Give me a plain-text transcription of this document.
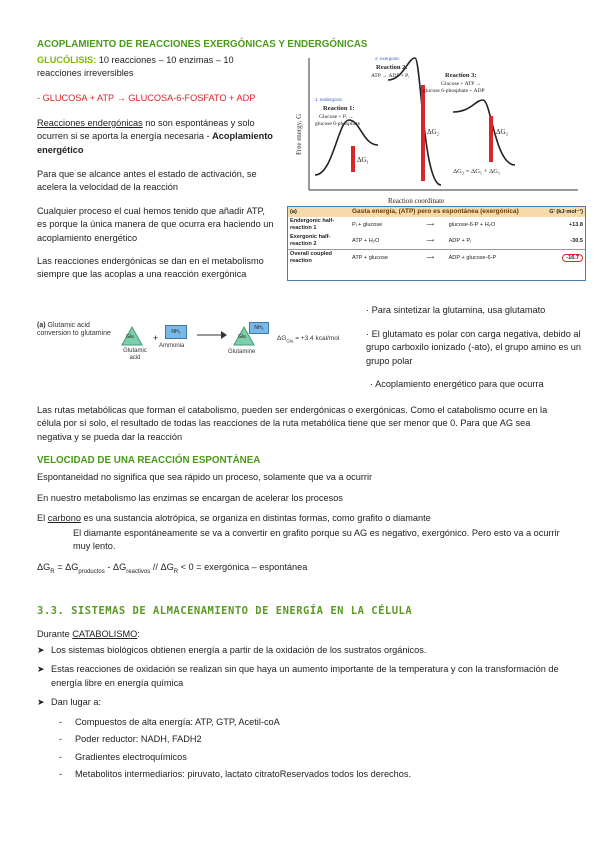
ACOPLAMIENTO DE REACCIONES EXERGÓNICAS Y ENDERGÓNICAS
GLUCÓLISIS: 10 reacciones – 10 enzimas – 10 reacciones irreversibles
- GLUCOSA + ATP → GLUCOSA-6-FOSFATO + ADP
Reacciones endergónicas no son espontáneas y solo ocurren si se aporta la energía necesaria - Acoplamiento energético
Para que se alcance antes el estado de activación, se acelera la velocidad de la reacción
Cualquier proceso el cual hemos tenido que añadir ATP, es porque la única manera de que ocurra era haciendo un acoplamiento energético
Las reacciones endergónicas se dan en el metabolismo siempre que las acoplas a una reacción exergónica
Free energy, G
ΔG₁
ΔG₂	ΔG₃
ΔG₃ = ΔG₁ + ΔG₂
2. exergonic
Reaction 2:
ATP → ADP + Pᵢ
1. endergonic
Reaction 1:
Glucose + Pᵢ →
glucose 6-phosphate
Reaction 3:
Glucose + ATP →
glucose 6-phosphate + ADP
Reaction coordinate
(a)	Gasta energía, (ATP) pero es espontánea (exergónica)			G' (kJ·mol⁻¹)
Endergonic half-reaction 1	Pᵢ + glucose	⟶	glucose-6-P + H₂O	+13.8
Exergonic half-reaction 2	ATP + H₂O	⟶	ADP + Pᵢ	-30.5
Overall coupled reaction	ATP + glucose	⟶	ADP + glucose-6-P	-16.7
(a) Glutamic acid conversion to glutamine	Glu
Glutamic acid
+
NH₃
Ammonia
→ Glu
NH₃
Glutamine
$\Delta G_{Glu} = +3.4$ kcal/mol
· Para sintetizar la glutamina, usa glutamato
· El glutamato es polar con carga negativa, debido al grupo carboxilo ionizado (-ato), el grupo amino es un grupo polar
· Acoplamiento energético para que ocurra
Las rutas metabólicas que forman el catabolismo, pueden ser endergónicas o exergónicas. Como el catabolismo ocurre en la célula por sí solo, el resultado de todas las reacciones de la ruta metabólica tiene que ser menor que 0. Para que AG sea negativa y se pueda dar la reacción
VELOCIDAD DE UNA REACCIÓN ESPONTÁNEA
Espontaneidad no significa que sea rápido un proceso, solamente que va a ocurrir
En nuestro metabolismo las enzimas se encargan de acelerar los procesos
El carbono es una sustancia alotrópica, se organiza en distintas formas, como grafito o diamante
El diamante espontáneamente se va a convertir en grafito porque su AG es negativo, exergónico. Pero esto va a ocurrir muy lento.
$\Delta G_R = \Delta G_{productos} - \Delta G_{reactivos} // \Delta G_R < 0$ = exergónica – espontánea
3.3. SISTEMAS DE ALMACENAMIENTO DE ENERGÍA EN LA CÉLULA
Durante CATABOLISMO:
➤ Los sistemas biológicos obtienen energía a partir de la oxidación de los sustratos orgánicos.
➤ Estas reacciones de oxidación se realizan sin que haya un aumento importante de la temperatura y con la transformación de energía libre en energía química
➤ Dan lugar a:
- Compuestos de alta energía: ATP, GTP, Acetil-coA
- Poder reductor: NADH, FADH2
- Gradientes electroquímicos
- Metabolitos intermediarios: piruvato, lactato citratoReservados todos los derechos.
